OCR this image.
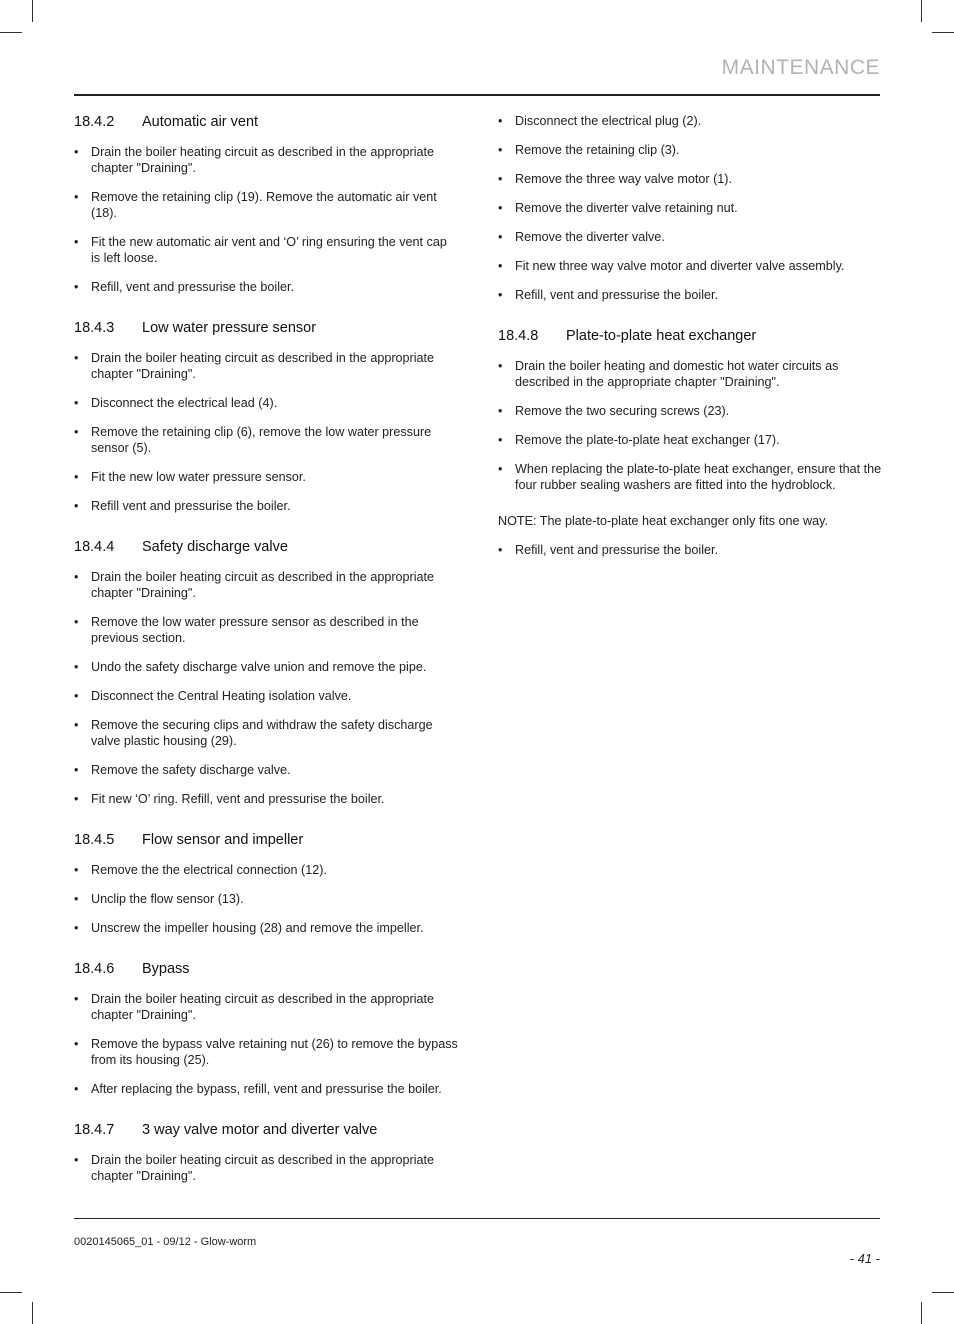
MAINTENANCE
18.4.2	Automatic air vent
• Drain the boiler heating circuit as described in the appropriate chapter "Draining".
• Remove the retaining clip (19). Remove the automatic air vent (18).
• Fit the new automatic air vent and ‘O’ ring ensuring the vent cap is left loose.
• Refill, vent and pressurise the boiler.
18.4.3	Low water pressure sensor
• Drain the boiler heating circuit as described in the appropriate chapter "Draining".
• Disconnect the electrical lead (4).
• Remove the retaining clip (6), remove the low water pressure sensor (5).
• Fit the new low water pressure sensor.
• Refill vent and pressurise the boiler.
18.4.4	Safety discharge valve
• Drain the boiler heating circuit as described in the appropriate chapter "Draining".
• Remove the low water pressure sensor as described in the previous section.
• Undo the safety discharge valve union and remove the pipe.
• Disconnect the Central Heating isolation valve.
• Remove the securing clips and withdraw the safety discharge valve plastic housing (29).
• Remove the safety discharge valve.
• Fit new ‘O’ ring. Refill, vent and pressurise the boiler.
18.4.5	Flow sensor and impeller
• Remove the the electrical connection (12).
• Unclip the flow sensor (13).
• Unscrew the impeller housing (28) and remove the impeller.
18.4.6	Bypass
• Drain the boiler heating circuit as described in the appropriate chapter "Draining".
• Remove the bypass valve retaining nut (26) to remove the bypass from its housing (25).
• After replacing the bypass, refill, vent and pressurise the boiler.
18.4.7	3 way valve motor and diverter valve
• Drain the boiler heating circuit as described in the appropriate chapter "Draining".
• Disconnect the electrical plug (2).
• Remove the retaining clip (3).
• Remove the three way valve motor (1).
• Remove the diverter valve retaining nut.
• Remove the diverter valve.
• Fit new three way valve motor and diverter valve assembly.
• Refill, vent and pressurise the boiler.
18.4.8	Plate-to-plate heat exchanger
• Drain the boiler heating and domestic hot water circuits as described in the appropriate chapter "Draining".
• Remove the two securing screws (23).
• Remove the plate-to-plate heat exchanger (17).
• When replacing the plate-to-plate heat exchanger, ensure that the four rubber sealing washers are fitted into the hydroblock.

NOTE: The plate-to-plate heat exchanger only fits one way.

• Refill, vent and pressurise the boiler.
0020145065_01 - 09/12 - Glow-worm
- 41 -
